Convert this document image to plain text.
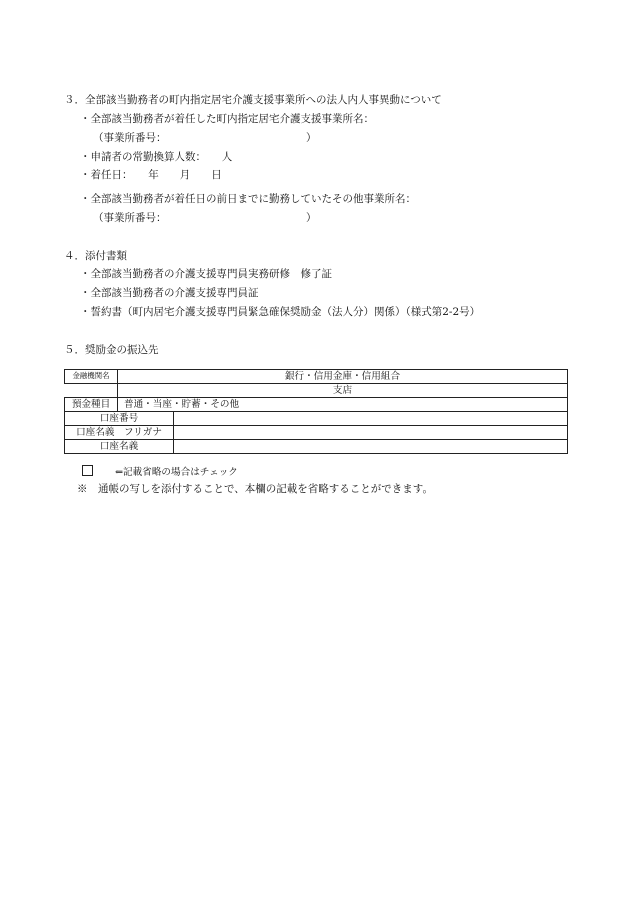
３．全部該当勤務者の町内指定居宅介護支援事業所への法人内人事異動について
・全部該当勤務者が着任した町内指定居宅介護支援事業所名：
（事業所番号：	）
・申請者の常勤換算人数：　　人
・着任日：　　年　　月　　日
・全部該当勤務者が着任日の前日までに勤務していたその他事業所名：
（事業所番号：	）
４．添付書類
・全部該当勤務者の介護支援専門員実務研修　修了証
・全部該当勤務者の介護支援専門員証
・誓約書（町内居宅介護支援専門員緊急確保奨励金（法人分）関係）（様式第2-2号）
５．奨励金の振込先
金融機関名	銀行・信用金庫・信用組合	
	支店	
預金種目	普通・当座・貯蓄・その他	
口座番号		
口座名義　フリガナ		
口座名義		
⇐記載省略の場合はチェック
※　通帳の写しを添付することで、本欄の記載を省略することができます。
